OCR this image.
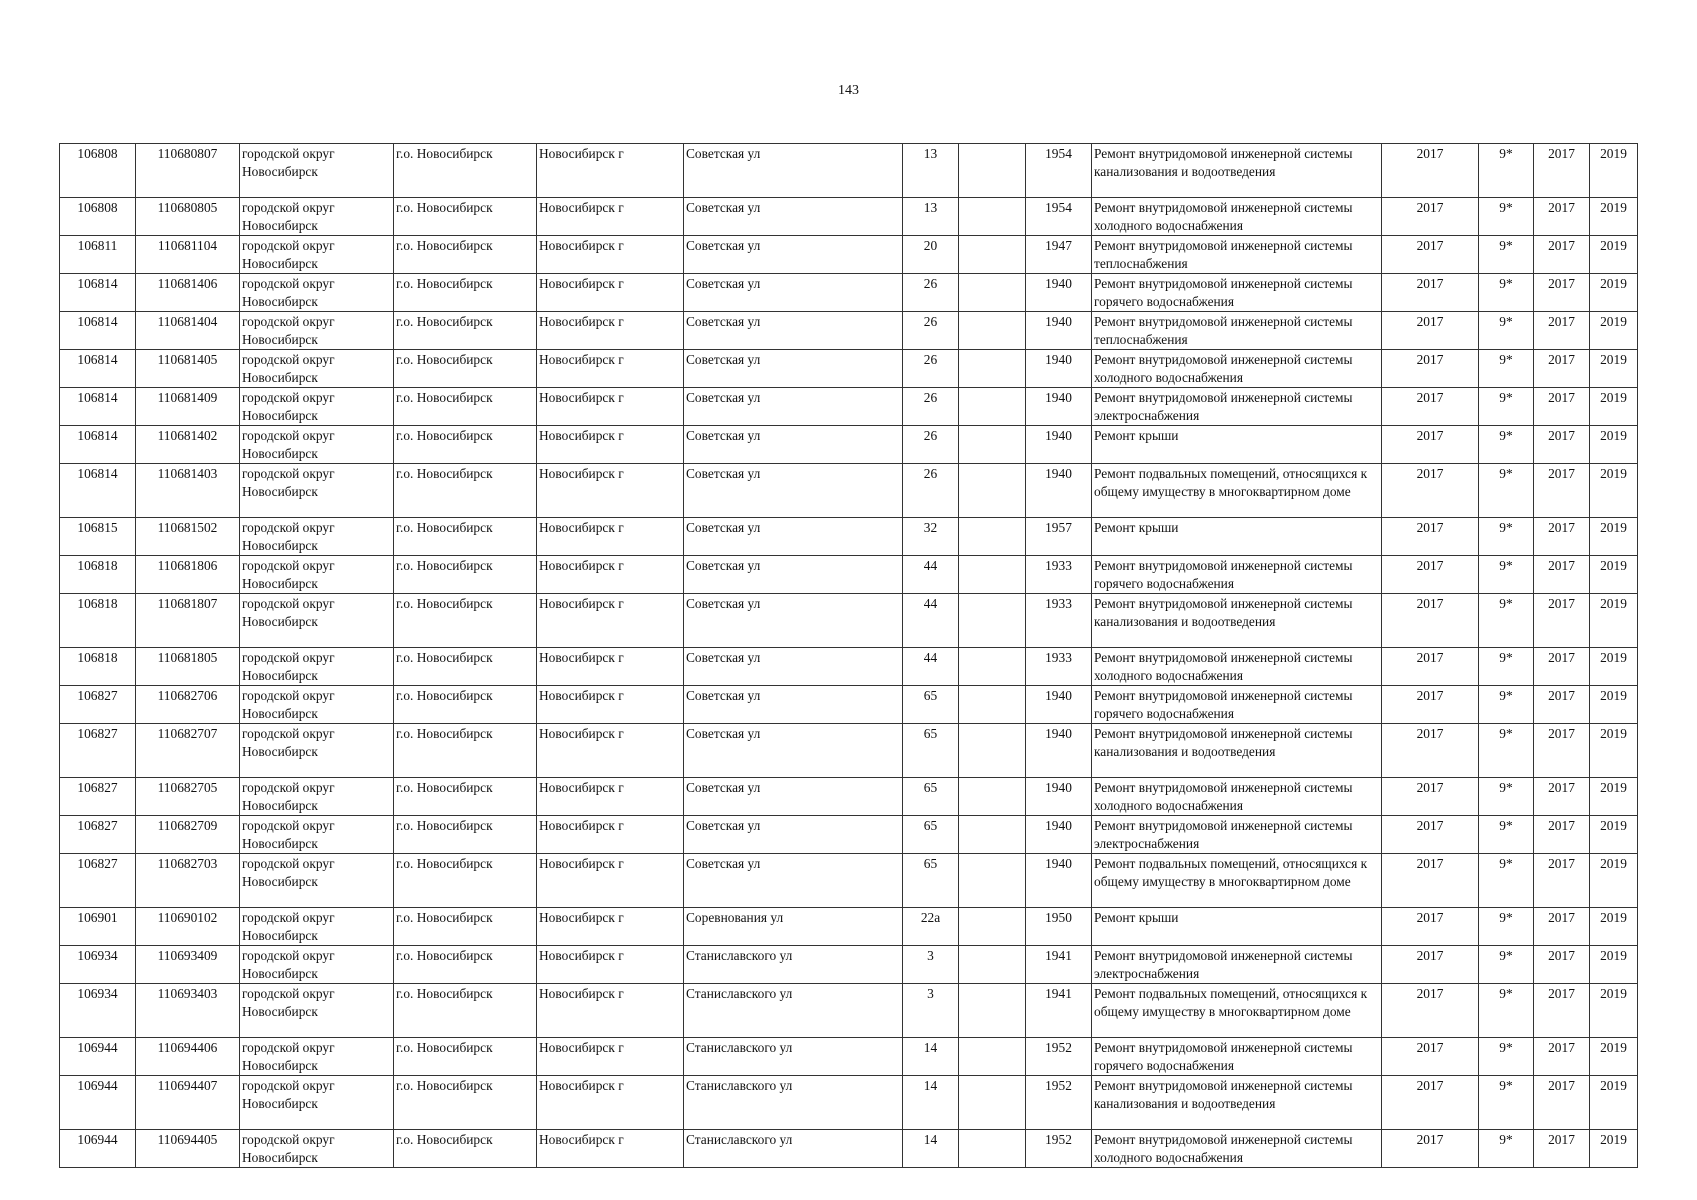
143
106808	110680807	городской округ Новосибирск	г.о. Новосибирск	Новосибирск г	Советская ул	13		1954	Ремонт внутридомовой инженерной системы канализования и водоотведения	2017	9*	2017	2019
106808	110680805	городской округ Новосибирск	г.о. Новосибирск	Новосибирск г	Советская ул	13		1954	Ремонт внутридомовой инженерной системы холодного водоснабжения	2017	9*	2017	2019
106811	110681104	городской округ Новосибирск	г.о. Новосибирск	Новосибирск г	Советская ул	20		1947	Ремонт внутридомовой инженерной системы теплоснабжения	2017	9*	2017	2019
106814	110681406	городской округ Новосибирск	г.о. Новосибирск	Новосибирск г	Советская ул	26		1940	Ремонт внутридомовой инженерной системы горячего водоснабжения	2017	9*	2017	2019
106814	110681404	городской округ Новосибирск	г.о. Новосибирск	Новосибирск г	Советская ул	26		1940	Ремонт внутридомовой инженерной системы теплоснабжения	2017	9*	2017	2019
106814	110681405	городской округ Новосибирск	г.о. Новосибирск	Новосибирск г	Советская ул	26		1940	Ремонт внутридомовой инженерной системы холодного водоснабжения	2017	9*	2017	2019
106814	110681409	городской округ Новосибирск	г.о. Новосибирск	Новосибирск г	Советская ул	26		1940	Ремонт внутридомовой инженерной системы электроснабжения	2017	9*	2017	2019
106814	110681402	городской округ Новосибирск	г.о. Новосибирск	Новосибирск г	Советская ул	26		1940	Ремонт крыши	2017	9*	2017	2019
106814	110681403	городской округ Новосибирск	г.о. Новосибирск	Новосибирск г	Советская ул	26		1940	Ремонт подвальных помещений, относящихся к общему имуществу в многоквартирном доме	2017	9*	2017	2019
106815	110681502	городской округ Новосибирск	г.о. Новосибирск	Новосибирск г	Советская ул	32		1957	Ремонт крыши	2017	9*	2017	2019
106818	110681806	городской округ Новосибирск	г.о. Новосибирск	Новосибирск г	Советская ул	44		1933	Ремонт внутридомовой инженерной системы горячего водоснабжения	2017	9*	2017	2019
106818	110681807	городской округ Новосибирск	г.о. Новосибирск	Новосибирск г	Советская ул	44		1933	Ремонт внутридомовой инженерной системы канализования и водоотведения	2017	9*	2017	2019
106818	110681805	городской округ Новосибирск	г.о. Новосибирск	Новосибирск г	Советская ул	44		1933	Ремонт внутридомовой инженерной системы холодного водоснабжения	2017	9*	2017	2019
106827	110682706	городской округ Новосибирск	г.о. Новосибирск	Новосибирск г	Советская ул	65		1940	Ремонт внутридомовой инженерной системы горячего водоснабжения	2017	9*	2017	2019
106827	110682707	городской округ Новосибирск	г.о. Новосибирск	Новосибирск г	Советская ул	65		1940	Ремонт внутридомовой инженерной системы канализования и водоотведения	2017	9*	2017	2019
106827	110682705	городской округ Новосибирск	г.о. Новосибирск	Новосибирск г	Советская ул	65		1940	Ремонт внутридомовой инженерной системы холодного водоснабжения	2017	9*	2017	2019
106827	110682709	городской округ Новосибирск	г.о. Новосибирск	Новосибирск г	Советская ул	65		1940	Ремонт внутридомовой инженерной системы электроснабжения	2017	9*	2017	2019
106827	110682703	городской округ Новосибирск	г.о. Новосибирск	Новосибирск г	Советская ул	65		1940	Ремонт подвальных помещений, относящихся к общему имуществу в многоквартирном доме	2017	9*	2017	2019
106901	110690102	городской округ Новосибирск	г.о. Новосибирск	Новосибирск г	Соревнования ул	22а		1950	Ремонт крыши	2017	9*	2017	2019
106934	110693409	городской округ Новосибирск	г.о. Новосибирск	Новосибирск г	Станиславского ул	3		1941	Ремонт внутридомовой инженерной системы электроснабжения	2017	9*	2017	2019
106934	110693403	городской округ Новосибирск	г.о. Новосибирск	Новосибирск г	Станиславского ул	3		1941	Ремонт подвальных помещений, относящихся к общему имуществу в многоквартирном доме	2017	9*	2017	2019
106944	110694406	городской округ Новосибирск	г.о. Новосибирск	Новосибирск г	Станиславского ул	14		1952	Ремонт внутридомовой инженерной системы горячего водоснабжения	2017	9*	2017	2019
106944	110694407	городской округ Новосибирск	г.о. Новосибирск	Новосибирск г	Станиславского ул	14		1952	Ремонт внутридомовой инженерной системы канализования и водоотведения	2017	9*	2017	2019
106944	110694405	городской округ Новосибирск	г.о. Новосибирск	Новосибирск г	Станиславского ул	14		1952	Ремонт внутридомовой инженерной системы холодного водоснабжения	2017	9*	2017	2019
